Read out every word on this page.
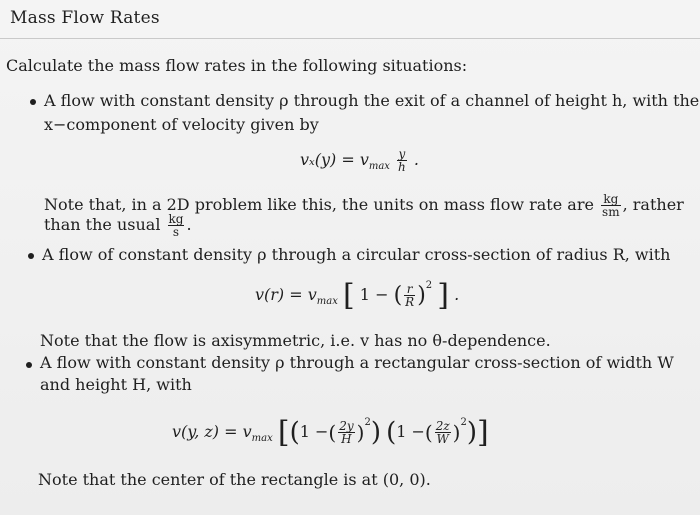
Mass Flow Rates
Calculate the mass flow rates in the following situations:
A flow with constant density ρ through the exit of a channel of height h, with the
x−component of velocity given by
$v_x(y) = v_{max} \frac{y}{h}$ .
Note that, in a 2D problem like this, the units on mass flow rate are $\frac{kg}{sm}$ , rather
than the usual $\frac{kg}{s}$ .
A flow of constant density ρ through a circular cross-section of radius R, with
$v(r) = v_{max}$ [ 1 − ( $\frac{r}{R} )^2$ ] .
Note that the flow is axisymmetric, i.e. v has no θ-dependence.
A flow with constant density ρ through a rectangular cross-section of width W
and height H, with
v(y, $z) = v_{max}$ [(1 −( $\frac{2y}{H} )^2$) (1 −( $\frac{2z}{W} )^2$)]
Note that the center of the rectangle is at (0, 0).
